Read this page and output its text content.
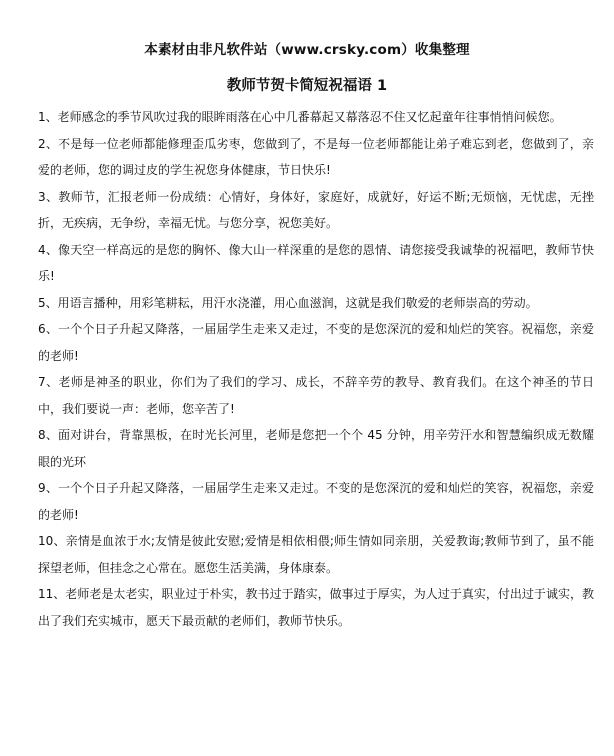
本素材由非凡软件站（www.crsky.com）收集整理
教师节贺卡简短祝福语 1

1、老师感念的季节风吹过我的眼眸雨落在心中几番幕起又幕落忍不住又忆起童年往事悄悄问候您。

2、不是每一位老师都能修理歪瓜劣枣，您做到了，不是每一位老师都能让弟子难忘到老，您做到了，亲爱的老师，您的调过皮的学生祝您身体健康，节日快乐!

3、教师节，汇报老师一份成绩：心情好，身体好，家庭好，成就好，好运不断;无烦恼，无忧虑，无挫折，无疾病，无争纷，幸福无忧。与您分享，祝您美好。

4、像天空一样高远的是您的胸怀、像大山一样深重的是您的恩情、请您接受我诚挚的祝福吧，教师节快乐!

5、用语言播种，用彩笔耕耘，用汗水浇灌，用心血滋润，这就是我们敬爱的老师崇高的劳动。

6、一个个日子升起又降落，一届届学生走来又走过，不变的是您深沉的爱和灿烂的笑容。祝福您，亲爱的老师!

7、老师是神圣的职业，你们为了我们的学习、成长，不辞辛劳的教导、教育我们。在这个神圣的节日中，我们要说一声：老师，您辛苦了!

8、面对讲台，背靠黑板，在时光长河里，老师是您把一个个 45 分钟，用辛劳汗水和智慧编织成无数耀眼的光环

9、一个个日子升起又降落，一届届学生走来又走过。不变的是您深沉的爱和灿烂的笑容，祝福您，亲爱的老师!

10、亲情是血浓于水;友情是彼此安慰;爱情是相依相偎;师生情如同亲朋，关爱教诲;教师节到了，虽不能探望老师，但挂念之心常在。愿您生活美满，身体康泰。

11、老师老是太老实，职业过于朴实，教书过于踏实，做事过于厚实，为人过于真实，付出过于诚实，教出了我们充实城市，愿天下最贡献的老师们，教师节快乐。
